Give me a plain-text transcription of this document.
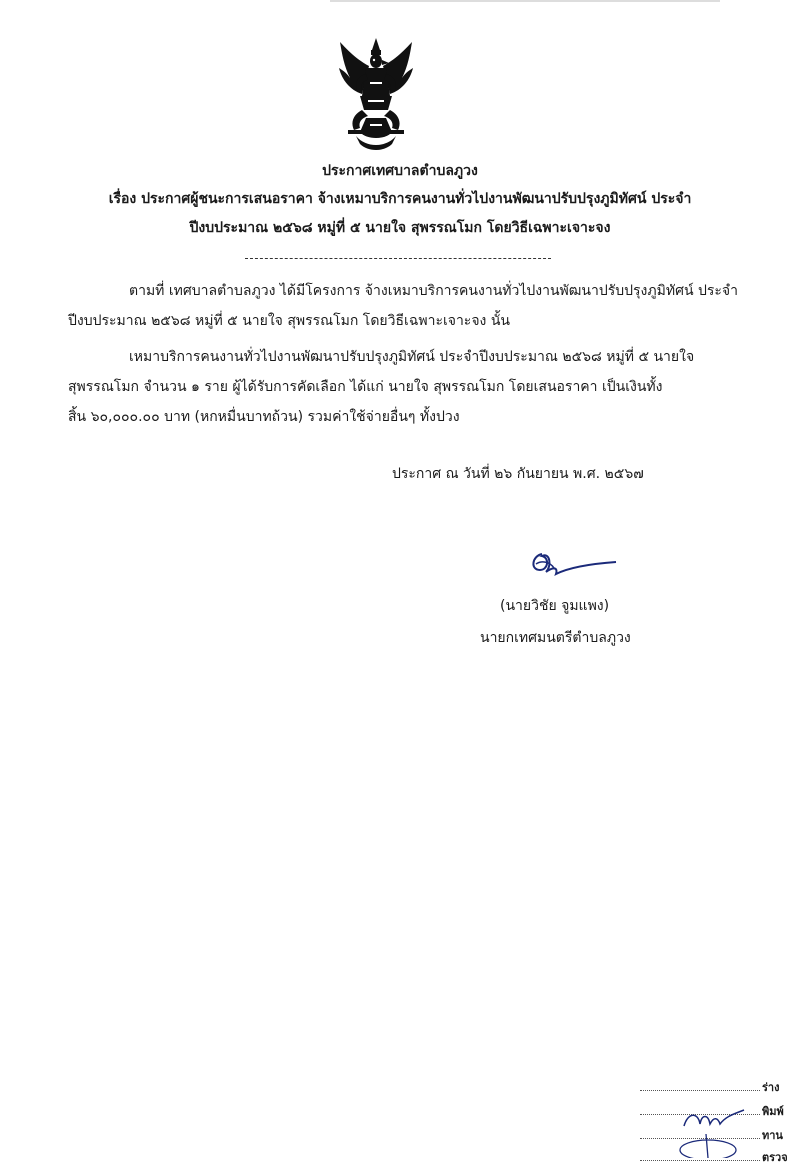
ประกาศเทศบาลตำบลภูวง
เรื่อง ประกาศผู้ชนะการเสนอราคา จ้างเหมาบริการคนงานทั่วไปงานพัฒนาปรับปรุงภูมิทัศน์ ประจำ
ปีงบประมาณ ๒๕๖๘ หมู่ที่ ๕ นายใจ สุพรรณโมก โดยวิธีเฉพาะเจาะจง
ตามที่ เทศบาลตำบลภูวง ได้มีโครงการ จ้างเหมาบริการคนงานทั่วไปงานพัฒนาปรับปรุงภูมิทัศน์ ประจำ
ปีงบประมาณ ๒๕๖๘ หมู่ที่ ๕ นายใจ สุพรรณโมก โดยวิธีเฉพาะเจาะจง นั้น
เหมาบริการคนงานทั่วไปงานพัฒนาปรับปรุงภูมิทัศน์ ประจำปีงบประมาณ ๒๕๖๘ หมู่ที่ ๕ นายใจ
สุพรรณโมก จำนวน ๑ ราย ผู้ได้รับการคัดเลือก ได้แก่ นายใจ สุพรรณโมก โดยเสนอราคา เป็นเงินทั้ง
สิ้น ๖๐,๐๐๐.๐๐ บาท (หกหมื่นบาทถ้วน) รวมค่าใช้จ่ายอื่นๆ ทั้งปวง
ประกาศ ณ วันที่ ๒๖ กันยายน พ.ศ. ๒๕๖๗
(นายวิชัย จูมแพง)
นายกเทศมนตรีตำบลภูวง
ร่าง
พิมพ์
ทาน
ตรวจ
